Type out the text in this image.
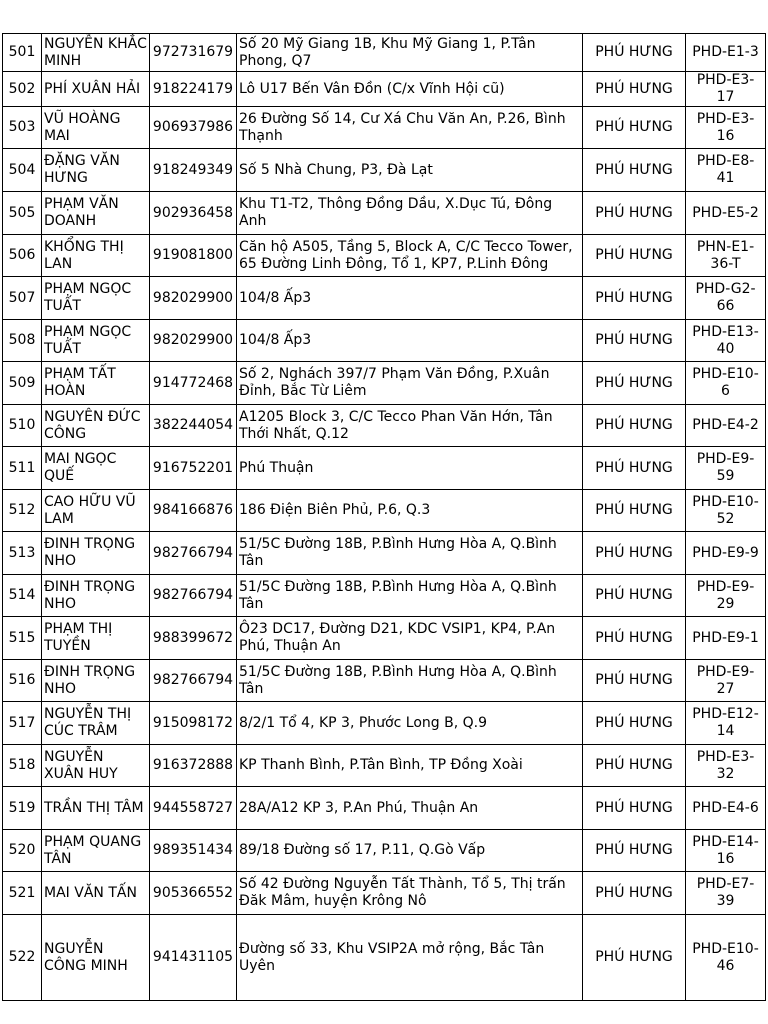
501	NGUYỄN KHẮC MINH	972731679	Số 20 Mỹ Giang 1B, Khu Mỹ Giang 1, P.Tân Phong, Q7	PHÚ HƯNG	PHD-E1-3
502	PHÍ XUÂN HẢI	918224179	Lô U17 Bến Vân Đồn (C/x Vĩnh Hội cũ)	PHÚ HƯNG	PHD-E3-17
503	VŨ HOÀNG MAI	906937986	26 Đường Số 14, Cư Xá Chu Văn An, P.26, Bình Thạnh	PHÚ HƯNG	PHD-E3-16
504	ĐẶNG VĂN HƯNG	918249349	Số 5 Nhà Chung, P3, Đà Lạt	PHÚ HƯNG	PHD-E8-41
505	PHẠM VĂN DOANH	902936458	Khu T1-T2, Thông Đồng Dầu, X.Dục Tú, Đông Anh	PHÚ HƯNG	PHD-E5-2
506	KHỔNG THỊ LAN	919081800	Căn hộ A505, Tầng 5, Block A, C/C Tecco Tower, 65 Đường Linh Đông, Tổ 1, KP7, P.Linh Đông	PHÚ HƯNG	PHN-E1-36-T
507	PHẠM NGỌC TUẤT	982029900	104/8 Ấp3	PHÚ HƯNG	PHD-G2-66
508	PHẠM NGỌC TUẤT	982029900	104/8 Ấp3	PHÚ HƯNG	PHD-E13-40
509	PHẠM TẤT HOÀN	914772468	Số 2, Nghách 397/7 Phạm Văn Đồng, P.Xuân Đỉnh, Bắc Từ Liêm	PHÚ HƯNG	PHD-E10-6
510	NGUYÊN ĐỨC CÔNG	382244054	A1205 Block 3, C/C Tecco Phan Văn Hớn, Tân Thới Nhất, Q.12	PHÚ HƯNG	PHD-E4-2
511	MAI NGỌC QUẾ	916752201	Phú Thuận	PHÚ HƯNG	PHD-E9-59
512	CAO HỮU VŨ LAM	984166876	186 Điện Biên Phủ, P.6, Q.3	PHÚ HƯNG	PHD-E10-52
513	ĐINH TRỌNG NHO	982766794	51/5C Đường 18B, P.Bình Hưng Hòa A, Q.Bình Tân	PHÚ HƯNG	PHD-E9-9
514	ĐINH TRỌNG NHO	982766794	51/5C Đường 18B, P.Bình Hưng Hòa A, Q.Bình Tân	PHÚ HƯNG	PHD-E9-29
515	PHẠM THỊ TUYỀN	988399672	Ô23 DC17, Đường D21, KDC VSIP1, KP4, P.An Phú, Thuận An	PHÚ HƯNG	PHD-E9-1
516	ĐINH TRỌNG NHO	982766794	51/5C Đường 18B, P.Bình Hưng Hòa A, Q.Bình Tân	PHÚ HƯNG	PHD-E9-27
517	NGUYỄN THỊ CÚC TRÂM	915098172	8/2/1 Tổ 4, KP 3, Phước Long B, Q.9	PHÚ HƯNG	PHD-E12-14
518	NGUYỄN XUÂN HUY	916372888	KP Thanh Bình, P.Tân Bình, TP Đồng Xoài	PHÚ HƯNG	PHD-E3-32
519	TRẦN THỊ TÂM	944558727	28A/A12 KP 3, P.An Phú, Thuận An	PHÚ HƯNG	PHD-E4-6
520	PHẠM QUANG TÂN	989351434	89/18 Đường số 17, P.11, Q.Gò Vấp	PHÚ HƯNG	PHD-E14-16
521	MAI VĂN TẤN	905366552	Số 42 Đường Nguyễn Tất Thành, Tổ 5, Thị trấn Đăk Mâm, huyện Krông Nô	PHÚ HƯNG	PHD-E7-39
522	NGUYỄN CÔNG MINH	941431105	Đường số 33, Khu VSIP2A mở rộng, Bắc Tân Uyên	PHÚ HƯNG	PHD-E10-46
